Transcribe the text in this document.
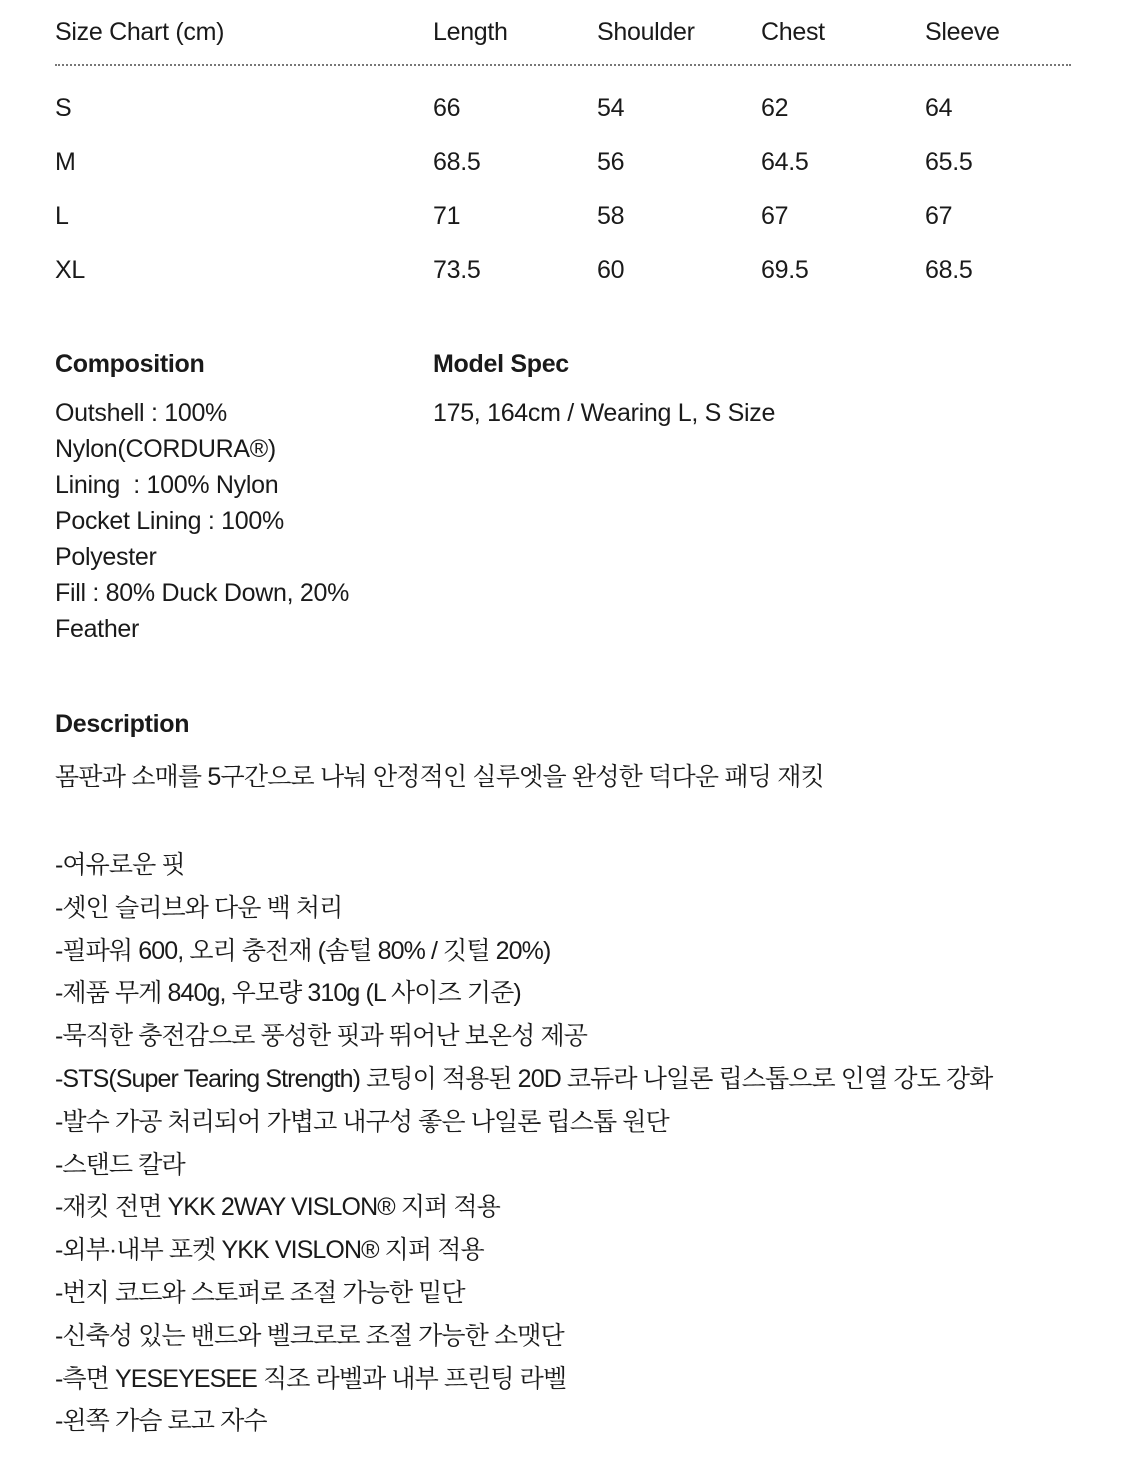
Size Chart (cm)	Length	Shoulder	Chest	Sleeve
S	66	54	62	64
M	68.5	56	64.5	65.5
L	71	58	67	67
XL	73.5	60	69.5	68.5
Composition
Outshell : 100%
Nylon(CORDURA®)
Lining  : 100% Nylon
Pocket Lining : 100%
Polyester
Fill : 80% Duck Down, 20%
Feather
Model Spec
175, 164cm / Wearing L, S Size
Description
몸판과 소매를 5구간으로 나눠 안정적인 실루엣을 완성한 덕다운 패딩 재킷
-여유로운 핏
-셋인 슬리브와 다운 백 처리
-필파워 600, 오리 충전재 (솜털 80% / 깃털 20%)
-제품 무게 840g, 우모량 310g (L 사이즈 기준)
-묵직한 충전감으로 풍성한 핏과 뛰어난 보온성 제공
-STS(Super Tearing Strength) 코팅이 적용된 20D 코듀라 나일론 립스톱으로 인열 강도 강화
-발수 가공 처리되어 가볍고 내구성 좋은 나일론 립스톱 원단
-스탠드 칼라
-재킷 전면 YKK 2WAY VISLON® 지퍼 적용
-외부·내부 포켓 YKK VISLON® 지퍼 적용
-번지 코드와 스토퍼로 조절 가능한 밑단
-신축성 있는 밴드와 벨크로로 조절 가능한 소맷단
-측면 YESEYESEE 직조 라벨과 내부 프린팅 라벨
-왼쪽 가슴 로고 자수
